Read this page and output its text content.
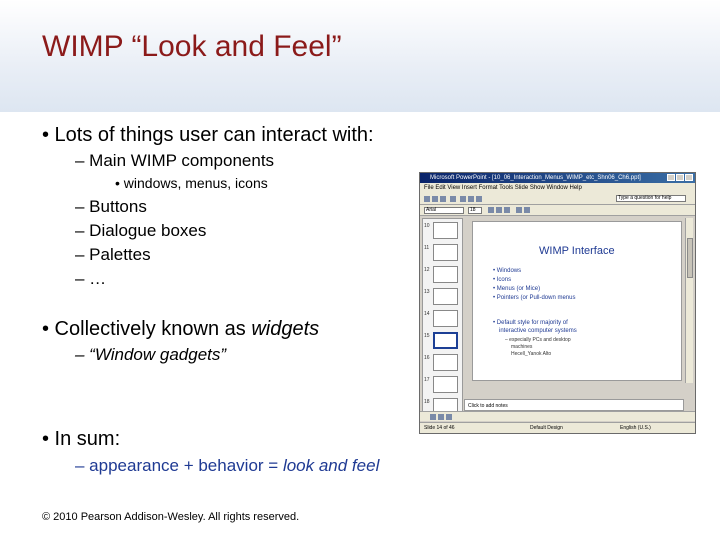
WIMP “Look and Feel”
• Lots of things user can interact with:
– Main WIMP components
• windows, menus, icons
– Buttons
– Dialogue boxes
– Palettes
– …
• Collectively known as widgets
– “Window gadgets”
• In sum:
– appearance + behavior = look and feel
© 2010 Pearson Addison-Wesley. All rights reserved.
Microsoft PowerPoint - [10_06_Interaction_Menus_WIMP_etc_Shn06_Ch6.ppt]
File Edit View Insert Format Tools Slide Show Window Help
Type a question for help
Arial	18
10
11
12
13
14
15
16
17
18
WIMP Interface
• Windows
• Icons
• Menus (or Mice)
• Pointers (or Pull-down menus
• Default style for majority of
interactive computer systems
– especially PCs and desktop
machines
Hecell_Yanok Alto
Click to add notes
Slide 14 of 46	Default Design	English (U.S.)
